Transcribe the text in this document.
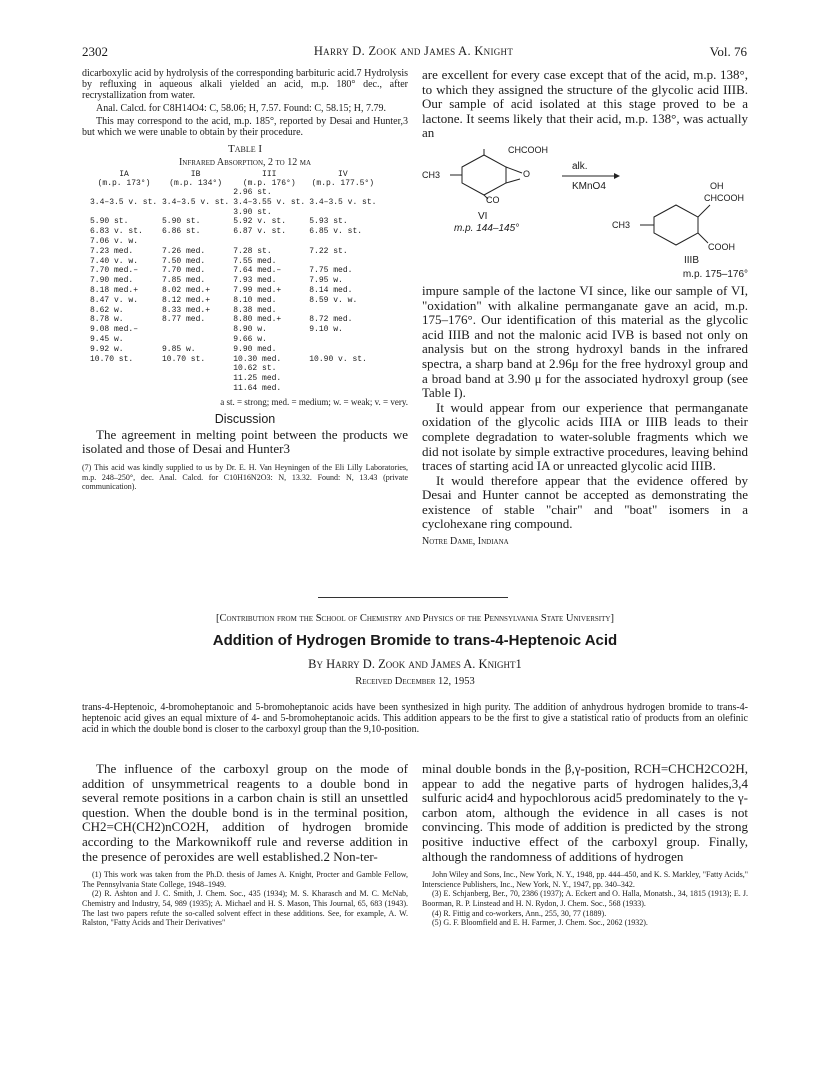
2302	Harry D. Zook and James A. Knight	Vol. 76

dicarboxylic acid by hydrolysis of the corresponding barbituric acid.7 Hydrolysis by refluxing in aqueous alkali yielded an acid, m.p. 180° dec., after recrystallization from water.

Anal. Calcd. for C8H14O4: C, 58.06; H, 7.57. Found: C, 58.15; H, 7.79.

This may correspond to the acid, m.p. 185°, reported by Desai and Hunter,3 but which we were unable to obtain by their procedure.

Table I
Infrared Absorption, 2 to 12 μa
IA	IB	III	IV
(m.p. 173°)	(m.p. 134°)	(m.p. 176°)	(m.p. 177.5°)
		2.96 st.	
3.4–3.5 v. st.	3.4–3.5 v. st.	3.4–3.55 v. st.	3.4–3.5 v. st.
		3.90 st.	
5.90 st.	5.90 st.	5.92 v. st.	5.93 st.
6.83 v. st.	6.86 st.	6.87 v. st.	6.85 v. st.
7.06 v. w.			
7.23 med.	7.26 med.	7.28 st.	7.22 st.
7.40 v. w.	7.50 med.	7.55 med.	
7.70 med.–	7.70 med.	7.64 med.–	7.75 med.
7.90 med.	7.85 med.	7.93 med.	7.95 w.
8.18 med.+	8.02 med.+	7.99 med.+	8.14 med.
8.47 v. w.	8.12 med.+	8.10 med.	8.59 v. w.
8.62 w.	8.33 med.+	8.38 med.	
8.78 w.	8.77 med.	8.80 med.+	8.72 med.
9.08 med.–		8.90 w.	9.10 w.
9.45 w.		9.66 w.	
9.92 w.	9.85 w.	9.90 med.	
10.70 st.	10.70 st.	10.30 med.	10.90 v. st.
		10.62 st.	
		11.25 med.	
		11.64 med.	
a st. = strong; med. = medium; w. = weak; v. = very.
Discussion

The agreement in melting point between the products we isolated and those of Desai and Hunter3

(7) This acid was kindly supplied to us by Dr. E. H. Van Heyningen of the Eli Lilly Laboratories, m.p. 248–250°, dec. Anal. Calcd. for C10H16N2O3: N, 13.32. Found: N, 13.43 (private communication).

are excellent for every case except that of the acid, m.p. 138°, to which they assigned the structure of the glycolic acid IIIB. Our sample of acid isolated at this stage proved to be a lactone. It seems likely that their acid, m.p. 138°, was actually an

CHCOOH
CH3	O
CO
alk.
KMnO4
VI
m.p. 144–145°
OH
CHCOOH
CH3
COOH
IIIB
m.p. 175–176°

impure sample of the lactone VI since, like our sample of VI, "oxidation" with alkaline permanganate gave an acid, m.p. 175–176°. Our identification of this material as the glycolic acid IIIB and not the malonic acid IVB is based not only on analysis but on the strong hydroxyl bands in the infrared spectra, a sharp band at 2.96μ for the free hydroxyl group and a broad band at 3.90 μ for the associated hydroxyl group (see Table I).

It would appear from our experience that permanganate oxidation of the glycolic acids IIIA or IIIB leads to their complete degradation to water-soluble fragments which we did not isolate by simple extractive procedures, leaving behind traces of starting acid IA or unreacted glycolic acid IIIB.

It would therefore appear that the evidence offered by Desai and Hunter cannot be accepted as demonstrating the existence of stable "chair" and "boat" isomers in a cyclohexane ring compound.

Notre Dame, Indiana
[Contribution from the School of Chemistry and Physics of the Pennsylvania State University]
Addition of Hydrogen Bromide to trans-4-Heptenoic Acid
By Harry D. Zook and James A. Knight1
Received December 12, 1953

trans-4-Heptenoic, 4-bromoheptanoic and 5-bromoheptanoic acids have been synthesized in high purity. The addition of anhydrous hydrogen bromide to trans-4-heptenoic acid gives an equal mixture of 4- and 5-bromoheptanoic acids. This addition appears to be the first to give a statistical ratio of products from an olefinic acid in which the double bond is closer to the carboxyl group than the 9,10-position.

The influence of the carboxyl group on the mode of addition of unsymmetrical reagents to a double bond in several remote positions in a carbon chain is still an unsettled question. When the double bond is in the terminal position, CH2=CH(CH2)nCO2H, addition of hydrogen bromide according to the Markownikoff rule and reverse addition in the presence of peroxides are well established.2 Non-ter-

(1) This work was taken from the Ph.D. thesis of James A. Knight, Procter and Gamble Fellow, The Pennsylvania State College, 1948–1949.

(2) R. Ashton and J. C. Smith, J. Chem. Soc., 435 (1934); M. S. Kharasch and M. C. McNab, Chemistry and Industry, 54, 989 (1935); A. Michael and H. S. Mason, This Journal, 65, 683 (1943). The last two papers refute the so-called solvent effect in these additions. See, for example, A. W. Ralston, "Fatty Acids and Their Derivatives"

minal double bonds in the β,γ-position, RCH=CHCH2CO2H, appear to add the negative parts of hydrogen halides,3,4 sulfuric acid4 and hypochlorous acid5 predominately to the γ-carbon atom, although the evidence in all cases is not convincing. This mode of addition is predicted by the strong positive inductive effect of the carboxyl group. Finally, although the randomness of additions of hydrogen

John Wiley and Sons, Inc., New York, N. Y., 1948, pp. 444–450, and K. S. Markley, "Fatty Acids," Interscience Publishers, Inc., New York, N. Y., 1947, pp. 340–342.

(3) E. Schjanberg, Ber., 70, 2386 (1937); A. Eckert and O. Halla, Monatsh., 34, 1815 (1913); E. J. Boorman, R. P. Linstead and H. N. Rydon, J. Chem. Soc., 568 (1933).

(4) R. Fittig and co-workers, Ann., 255, 30, 77 (1889).

(5) G. F. Bloomfield and E. H. Farmer, J. Chem. Soc., 2062 (1932).
